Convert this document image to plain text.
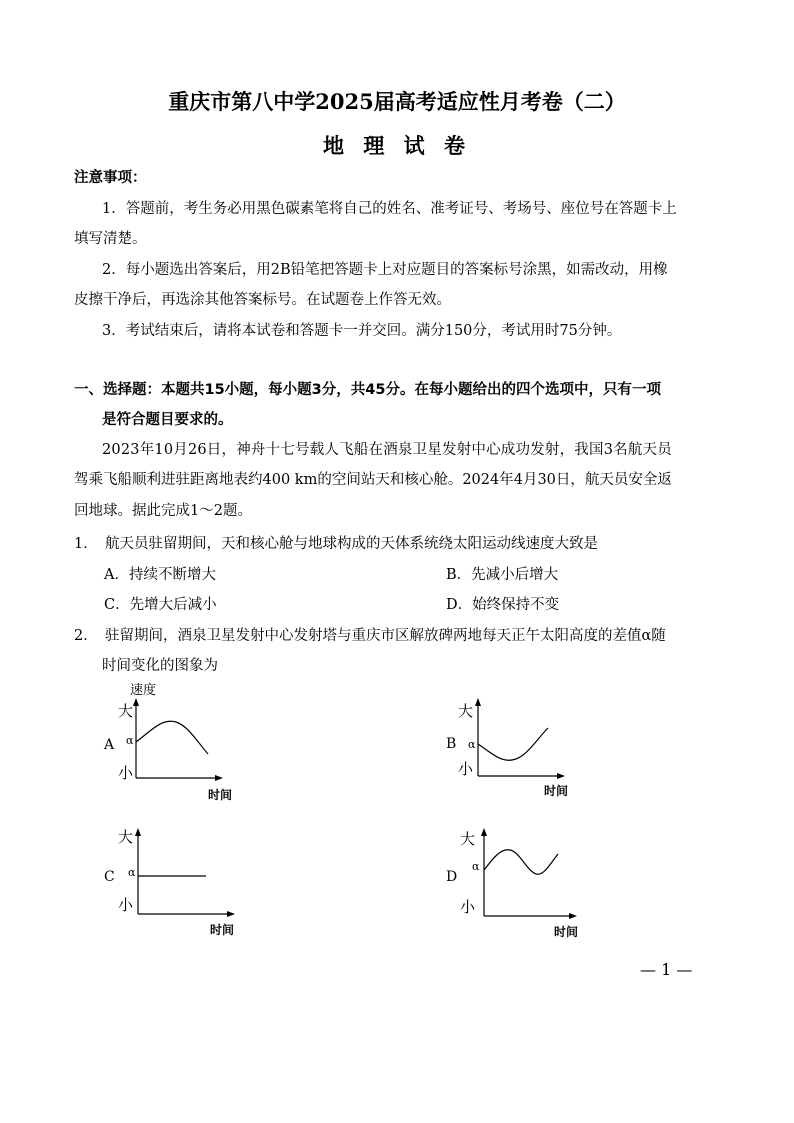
重庆市第八中学2025届高考适应性月考卷（二）
地 理 试 卷
注意事项：
1．答题前，考生务必用黑色碳素笔将自己的姓名、准考证号、考场号、座位号在答题卡上
填写清楚。
2．每小题选出答案后，用2B铅笔把答题卡上对应题目的答案标号涂黑，如需改动，用橡
皮擦干净后，再选涂其他答案标号。在试题卷上作答无效。
3．考试结束后，请将本试卷和答题卡一并交回。满分150分，考试用时75分钟。
一、选择题：本题共15小题，每小题3分，共45分。在每小题给出的四个选项中，只有一项
是符合题目要求的。
2023年10月26日，神舟十七号载人飞船在酒泉卫星发射中心成功发射，我国3名航天员
驾乘飞船顺利进驻距离地表约400 km的空间站天和核心舱。2024年4月30日，航天员安全返
回地球。据此完成1～2题。
1．　航天员驻留期间，天和核心舱与地球构成的天体系统绕太阳运动线速度大致是
A．持续不断增大	B．先减小后增大
C．先增大后减小	D．始终保持不变
2．　驻留期间，酒泉卫星发射中心发射塔与重庆市区解放碑两地每天正午太阳高度的差值α随
时间变化的图象为
速度
大
A α
小
时间
大
B α
小
时间
大
C α
小
时间
大
D
α
小
时间
— 1 —
